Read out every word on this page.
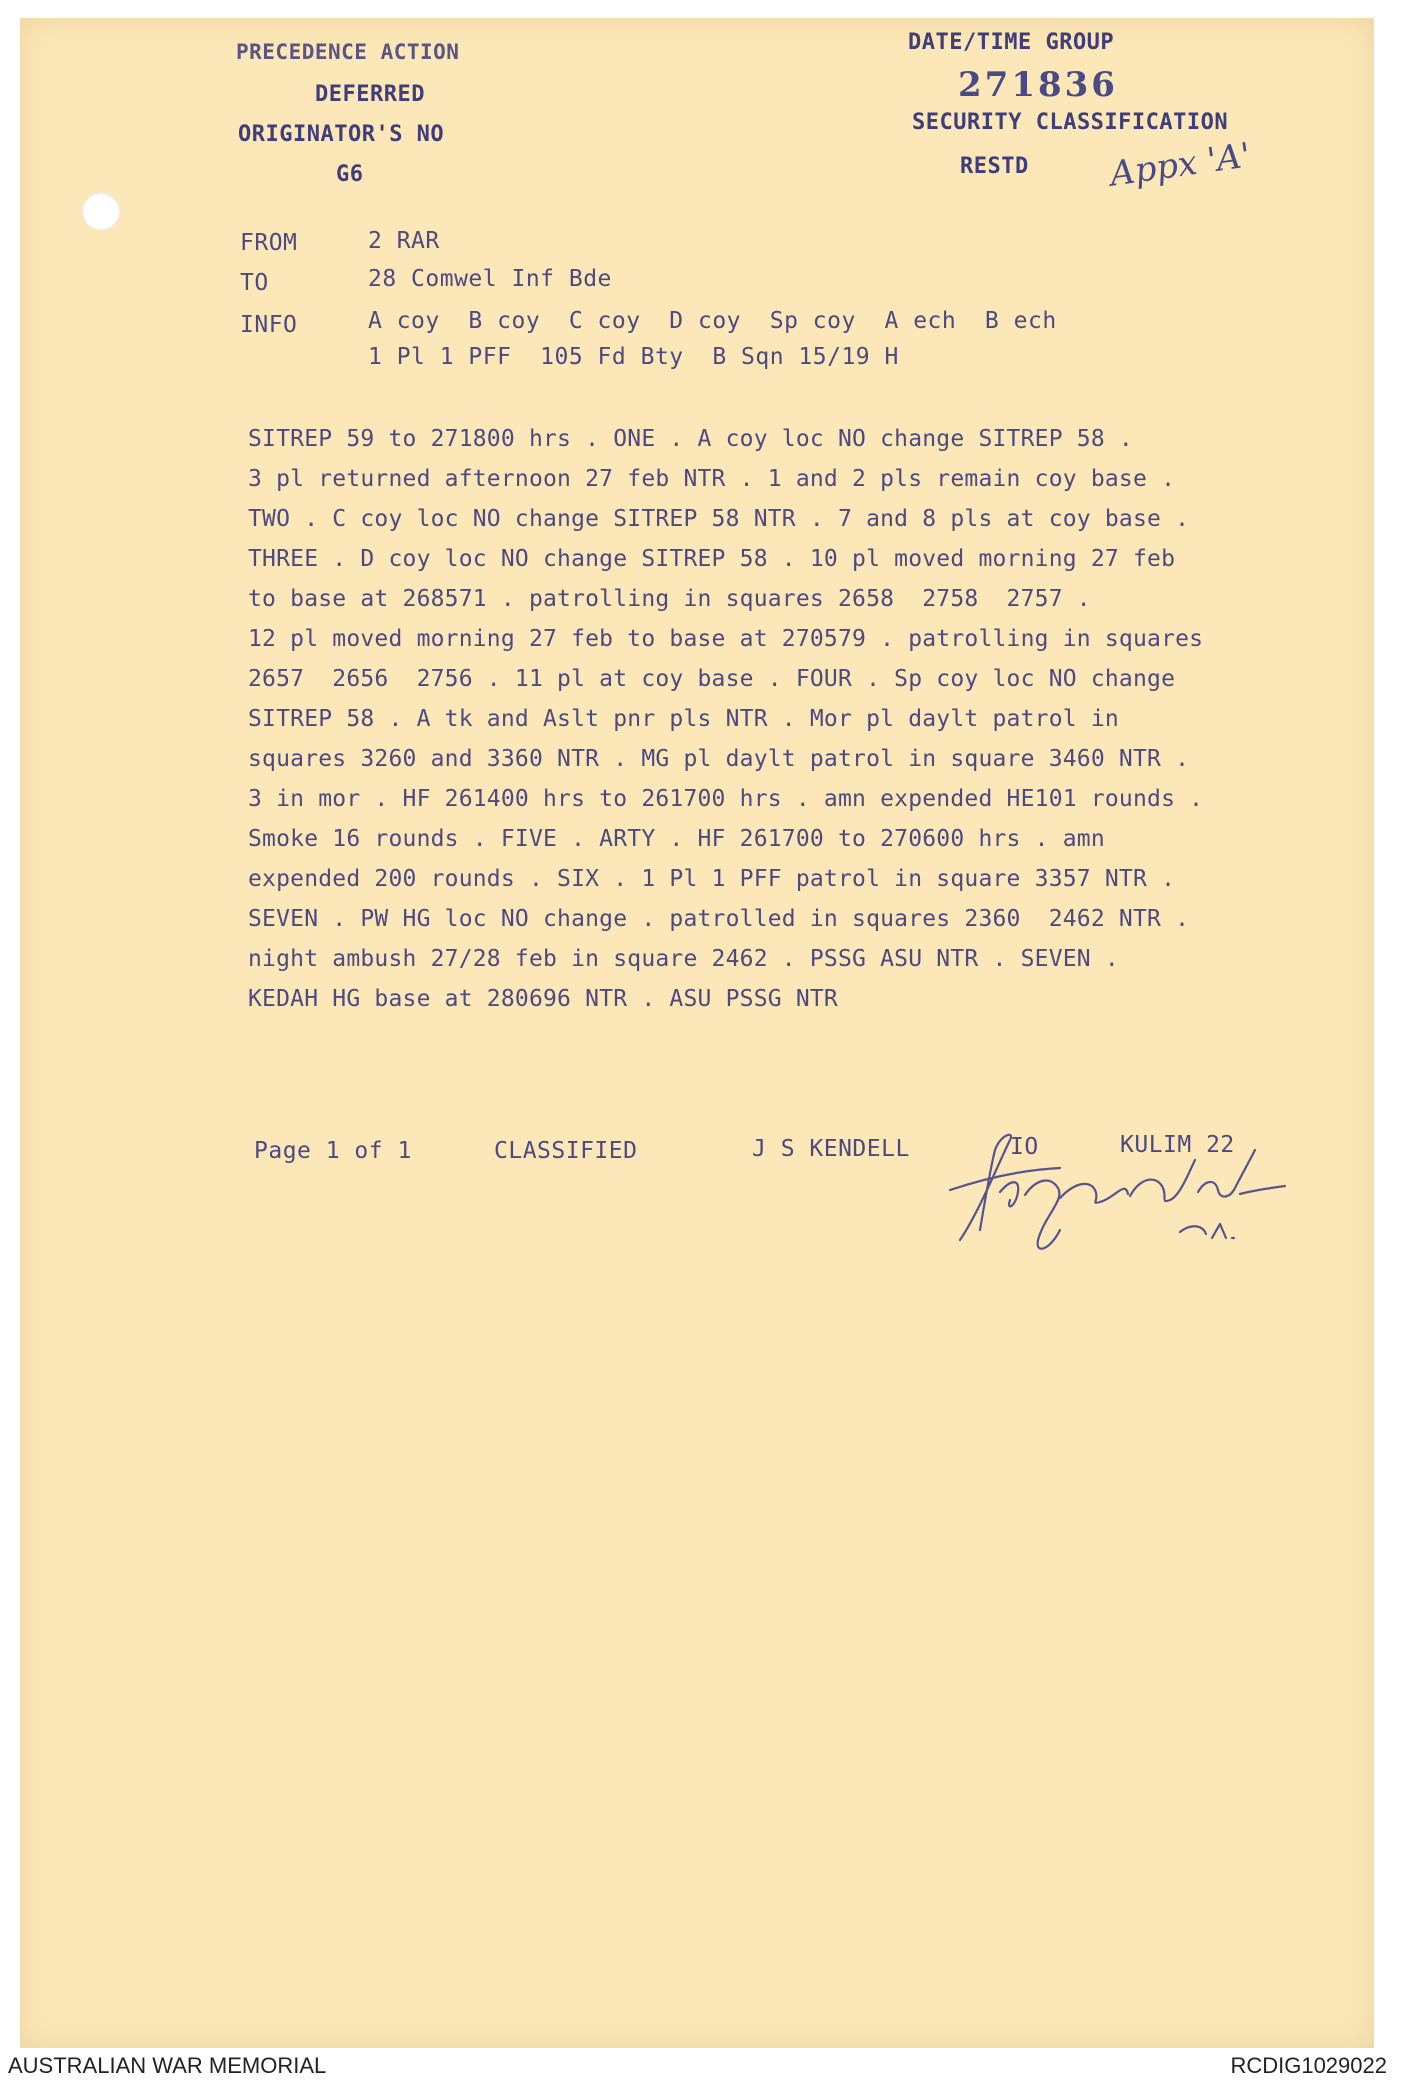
PRECEDENCE ACTION
DEFERRED
ORIGINATOR'S NO
G6
DATE/TIME GROUP
271836
SECURITY CLASSIFICATION
RESTD Appx 'A'
FROM	2 RAR
TO	28 Comwel Inf Bde
INFO	A coy  B coy  C coy  D coy  Sp coy  A ech  B ech
1 Pl 1 PFF  105 Fd Bty  B Sqn 15/19 H
SITREP 59 to 271800 hrs . ONE . A coy loc NO change SITREP 58 .
3 pl returned afternoon 27 feb NTR . 1 and 2 pls remain coy base .
TWO . C coy loc NO change SITREP 58 NTR . 7 and 8 pls at coy base .
THREE . D coy loc NO change SITREP 58 . 10 pl moved morning 27 feb
to base at 268571 . patrolling in squares 2658  2758  2757 .
12 pl moved morning 27 feb to base at 270579 . patrolling in squares
2657  2656  2756 . 11 pl at coy base . FOUR . Sp coy loc NO change
SITREP 58 . A tk and Aslt pnr pls NTR . Mor pl daylt patrol in
squares 3260 and 3360 NTR . MG pl daylt patrol in square 3460 NTR .
3 in mor . HF 261400 hrs to 261700 hrs . amn expended HE101 rounds .
Smoke 16 rounds . FIVE . ARTY . HF 261700 to 270600 hrs . amn
expended 200 rounds . SIX . 1 Pl 1 PFF patrol in square 3357 NTR .
SEVEN . PW HG loc NO change . patrolled in squares 2360  2462 NTR .
night ambush 27/28 feb in square 2462 . PSSG ASU NTR . SEVEN .
KEDAH HG base at 280696 NTR . ASU PSSG NTR
Page 1 of 1	CLASSIFIED	J S KENDELL	IO	KULIM 22
AUSTRALIAN WAR MEMORIAL	RCDIG1029022
